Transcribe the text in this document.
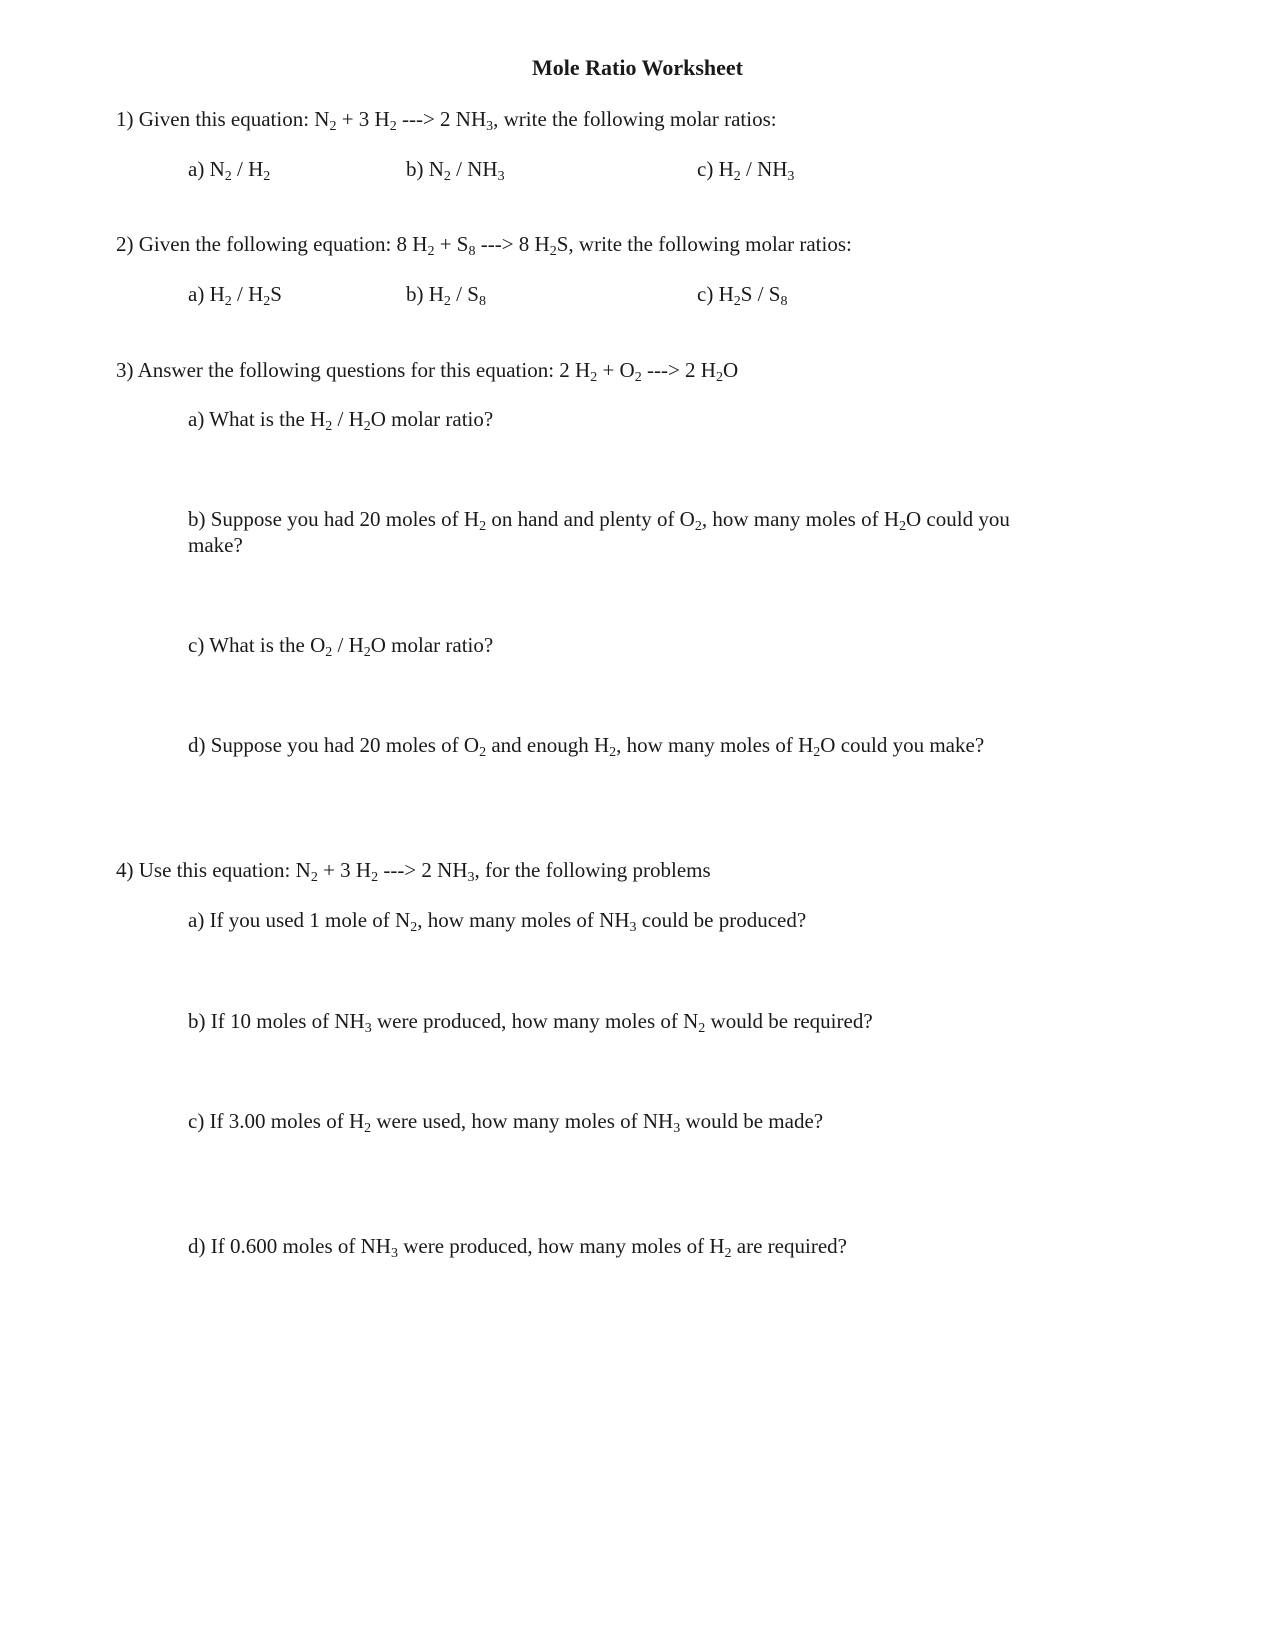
Mole Ratio Worksheet
1) Given this equation: $N_2 + 3$ $H_2$ ---> 2 $NH_3$, write the following molar ratios:
a) $N_2 / H_2$	b) $N_2 / NH_3$	c) $H_2 / NH_3$
2) Given the following equation: 8 $H_2 + S_8$ ---> 8 $H_2S$, write the following molar ratios:
a) $H_2 / H_2S$	b) $H_2 / S_8$	c) $H_2S / S_8$
3) Answer the following questions for this equation: 2 $H_2 + O_2$ ---> 2 $H_2O$
a) What is the $H_2 / H_2O$ molar ratio?
b) Suppose you had 20 moles of $H_2$ on hand and plenty of $O_2$, how many moles of $H_2O$ could you make?
c) What is the $O_2 / H_2O$ molar ratio?
d) Suppose you had 20 moles of $O_2$ and enough $H_2$, how many moles of $H_2O$ could you make?
4) Use this equation: $N_2 + 3$ $H_2$ ---> 2 $NH_3$, for the following problems
a) If you used 1 mole of $N_2$, how many moles of $NH_3$ could be produced?
b) If 10 moles of $NH_3$ were produced, how many moles of $N_2$ would be required?
c) If 3.00 moles of $H_2$ were used, how many moles of $NH_3$ would be made?
d) If 0.600 moles of $NH_3$ were produced, how many moles of $H_2$ are required?
